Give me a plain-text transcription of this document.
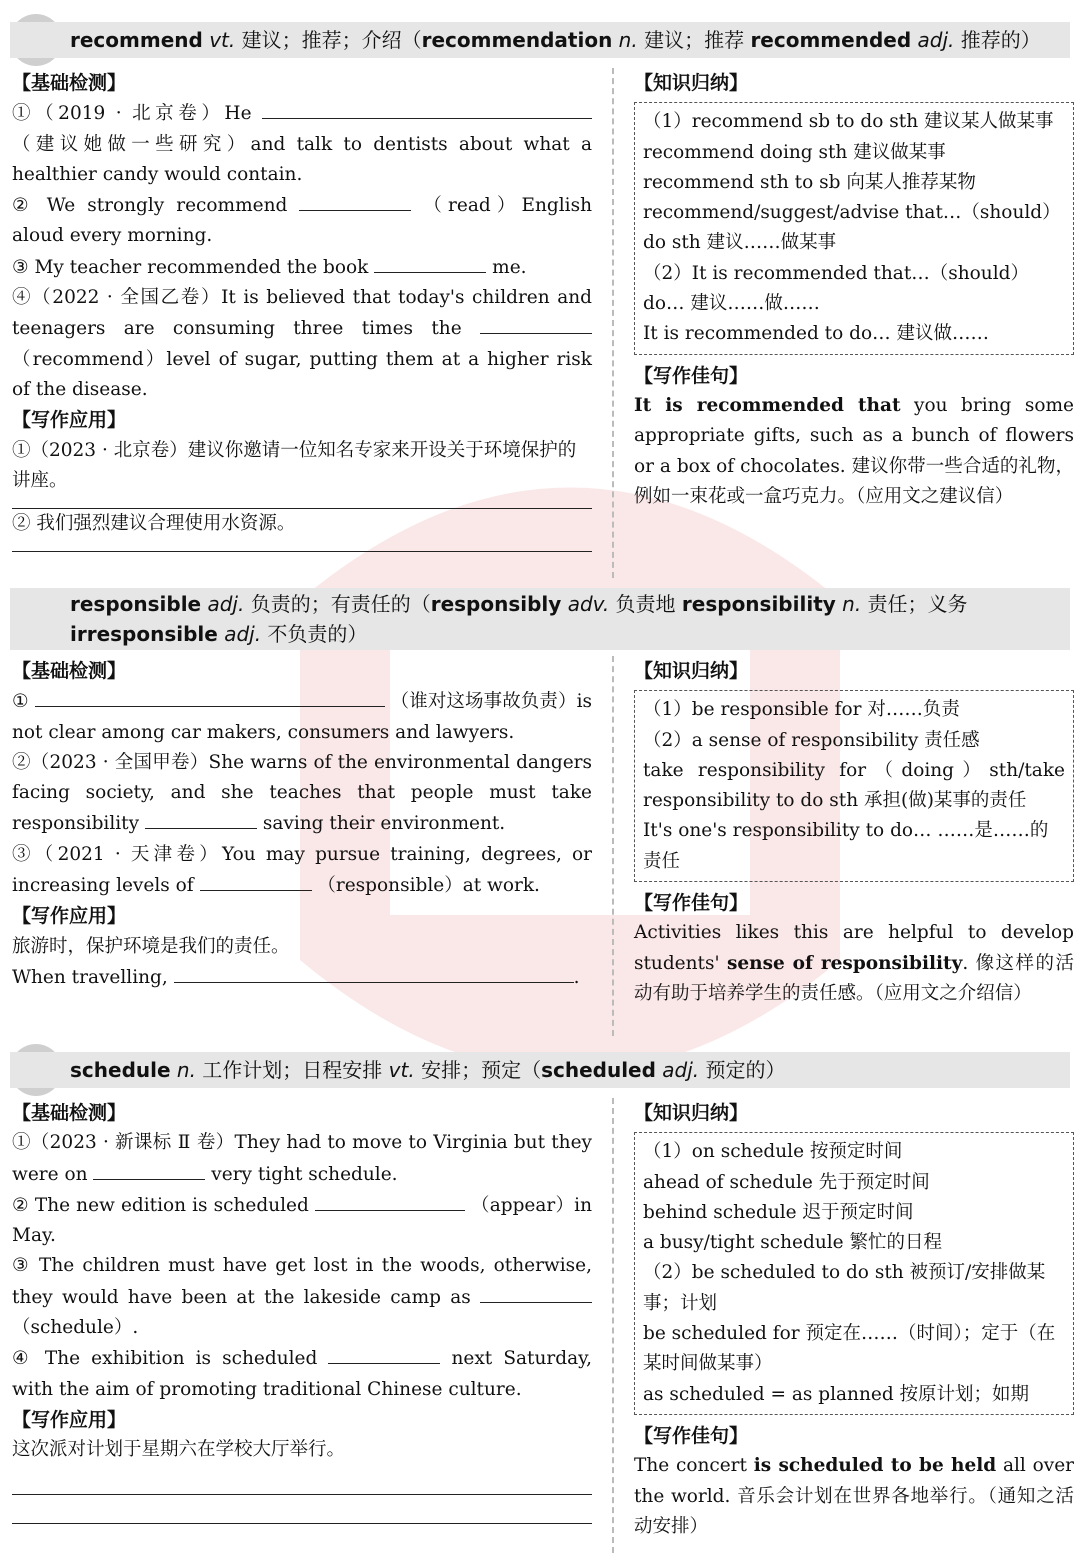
recommend vt. 建议；推荐；介绍（recommendation n. 建议；推荐 recommended adj. 推荐的）
【基础检测】

①（2019 · 北京卷）He  （建议她做一些研究）and talk to dentists about what a healthier candy would contain.

② We strongly recommend	（read）English aloud every morning.

③ My teacher recommended the book	me.

④（2022 · 全国乙卷）It is believed that today's children and teenagers are consuming three times the  （recommend）level of sugar, putting them at a higher risk of the disease.

【写作应用】

①（2023 · 北京卷）建议你邀请一位知名专家来开设关于环境保护的讲座。

② 我们强烈建议合理使用水资源。

【知识归纳】

（1）recommend sb to do sth 建议某人做某事

recommend doing sth 建议做某事

recommend sth to sb 向某人推荐某物

recommend/suggest/advise that…（should）do sth 建议……做某事

（2）It is recommended that…（should）do… 建议……做……

It is recommended to do… 建议做……

【写作佳句】

It is recommended that you bring some appropriate gifts, such as a bunch of flowers or a box of chocolates. 建议你带一些合适的礼物，例如一束花或一盒巧克力。（应用文之建议信）

responsible adj. 负责的；有责任的（responsibly adv. 负责地 responsibility n. 责任；义务 irresponsible adj. 不负责的）
【基础检测】

①	（谁对这场事故负责）is not clear among car makers, consumers and lawyers.

②（2023 · 全国甲卷）She warns of the environmental dangers facing society, and she teaches that people must take responsibility	saving their environment.

③（2021 · 天津卷）You may pursue training, degrees, or increasing levels of	（responsible）at work.

【写作应用】

旅游时，保护环境是我们的责任。

When travelling,	.

【知识归纳】

（1）be responsible for 对……负责

（2）a sense of responsibility 责任感

take responsibility for（doing）sth/take responsibility to do sth 承担(做)某事的责任

It's one's responsibility to do… ……是……的责任

【写作佳句】

Activities likes this are helpful to develop students' sense of responsibility. 像这样的活动有助于培养学生的责任感。（应用文之介绍信）

schedule n. 工作计划；日程安排 vt. 安排；预定（scheduled adj. 预定的）
【基础检测】

①（2023 · 新课标 Ⅱ 卷）They had to move to Virginia but they were on	very tight schedule.

② The new edition is scheduled	（appear）in May.

③ The children must have get lost in the woods, otherwise, they would have been at the lakeside camp as  （schedule）.

④ The exhibition is scheduled	next Saturday, with the aim of promoting traditional Chinese culture.

【写作应用】

这次派对计划于星期六在学校大厅举行。

【知识归纳】

（1）on schedule 按预定时间

ahead of schedule 先于预定时间

behind schedule 迟于预定时间

a busy/tight schedule 繁忙的日程

（2）be scheduled to do sth 被预订/安排做某事；计划

be scheduled for 预定在……（时间）；定于（在某时间做某事）

as scheduled = as planned 按原计划；如期

【写作佳句】

The concert is scheduled to be held all over the world. 音乐会计划在世界各地举行。（通知之活动安排）
